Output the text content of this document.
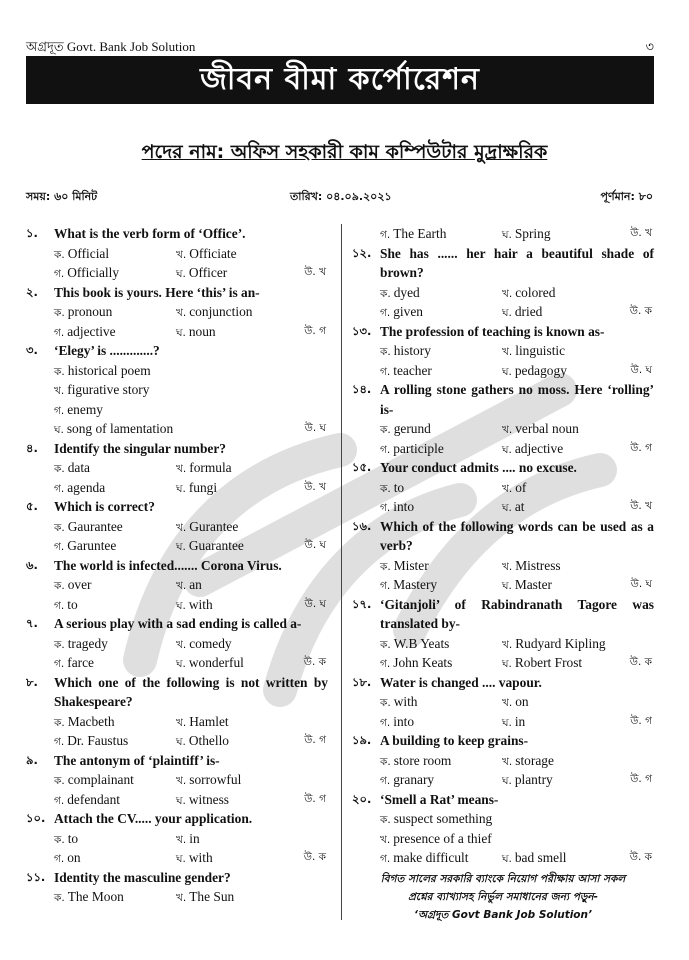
অগ্রদূত Govt. Bank Job Solution	৩
জীবন বীমা কর্পোরেশন
পদের নাম: অফিস সহকারী কাম কম্পিউটার মুদ্রাক্ষরিক
সময়: ৬০ মিনিট	তারিখ: ০৪.০৯.২০২১	পূর্ণমান: ৮০
১. What is the verb form of ‘Office’.
ক. Official	খ. Officiate
গ. Officially	ঘ. Officer	উ. খ
২. This book is yours. Here ‘this’ is an-
ক. pronoun	খ. conjunction
গ. adjective	ঘ. noun	উ. গ
৩. ‘Elegy’ is .............?
ক. historical poem
খ. figurative story
গ. enemy
ঘ. song of lamentation	উ. ঘ
৪. Identify the singular number?
ক. data	খ. formula
গ. agenda	ঘ. fungi	উ. খ
৫. Which is correct?
ক. Gaurantee	খ. Gurantee
গ. Garuntee	ঘ. Guarantee	উ. ঘ
৬. The world is infected....... Corona Virus.
ক. over	খ. an
গ. to	ঘ. with	উ. ঘ
৭. A serious play with a sad ending is called a-
ক. tragedy	খ. comedy
গ. farce	ঘ. wonderful	উ. ক
৮. Which one of the following is not written by Shakespeare?
ক. Macbeth	খ. Hamlet
গ. Dr. Faustus	ঘ. Othello	উ. গ
৯. The antonym of ‘plaintiff’ is-
ক. complainant	খ. sorrowful
গ. defendant	ঘ. witness	উ. গ
১০. Attach the CV..... your application.
ক. to	খ. in
গ. on	ঘ. with	উ. ক
১১. Identity the masculine gender?
ক. The Moon	খ. The Sun
গ. The Earth	ঘ. Spring	উ. খ
১২. She has ...... her hair a beautiful shade of brown?
ক. dyed	খ. colored
গ. given	ঘ. dried	উ. ক
১৩. The profession of teaching is known as-
ক. history	খ. linguistic
গ. teacher	ঘ. pedagogy	উ. ঘ
১৪. A rolling stone gathers no moss. Here ‘rolling’ is-
ক. gerund	খ. verbal noun
গ. participle	ঘ. adjective	উ. গ
১৫. Your conduct admits .... no excuse.
ক. to	খ. of
গ. into	ঘ. at	উ. খ
১৬. Which of the following words can be used as a verb?
ক. Mister	খ. Mistress
গ. Mastery	ঘ. Master	উ. ঘ
১৭. ‘Gitanjoli’ of Rabindranath Tagore was translated by-
ক. W.B Yeats	খ. Rudyard Kipling
গ. John Keats	ঘ. Robert Frost	উ. ক
১৮. Water is changed .... vapour.
ক. with	খ. on
গ. into	ঘ. in	উ. গ
১৯. A building to keep grains-
ক. store room	খ. storage
গ. granary	ঘ. plantry	উ. গ
২০. ‘Smell a Rat’ means-
ক. suspect something
খ. presence of a thief
গ. make difficult	ঘ. bad smell	উ. ক
বিগত সালের সরকারি ব্যাংকে নিয়োগ পরীক্ষায় আসা সকল
প্রশ্নের ব্যাখ্যাসহ নির্ভুল সমাধানের জন্য পড়ুন-
‘অগ্রদূত Govt Bank Job Solution’
